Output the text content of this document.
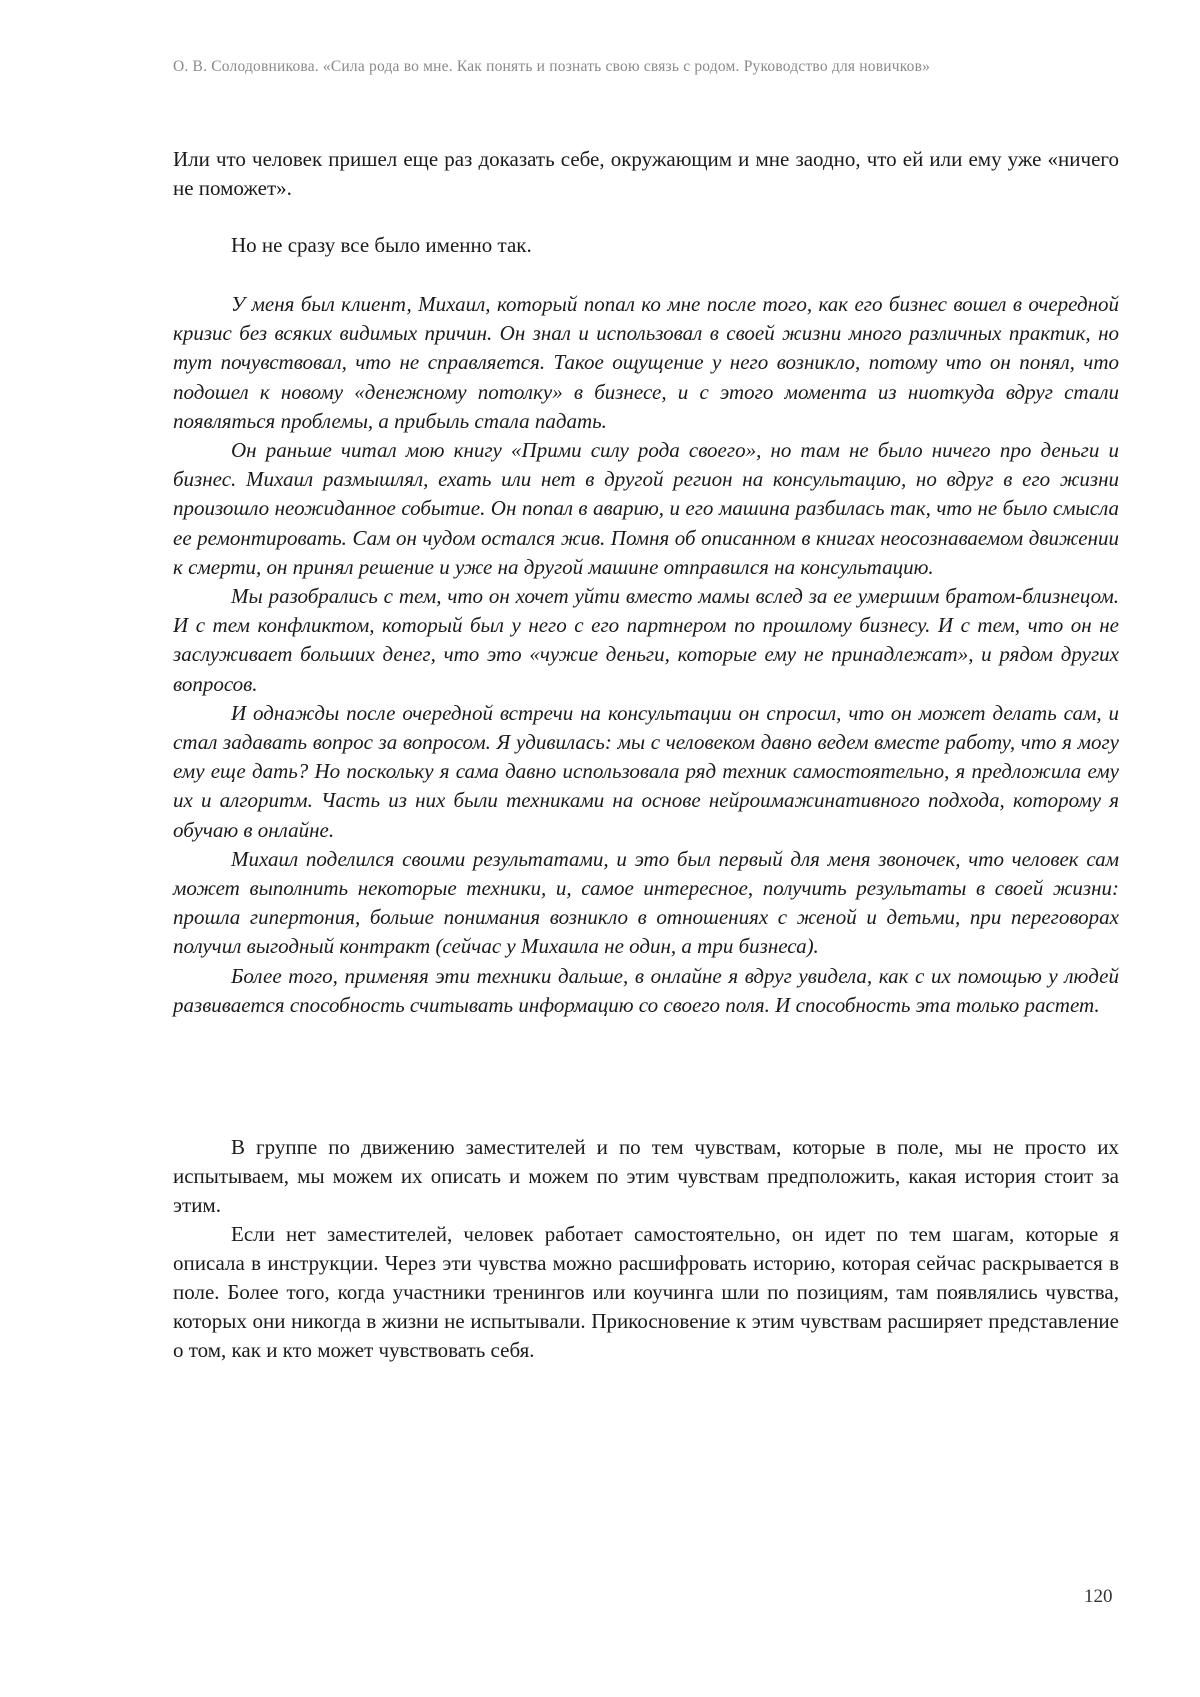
О. В. Солодовникова. «Сила рода во мне. Как понять и познать свою связь с родом. Руководство для новичков»

Или что человек пришел еще раз доказать себе, окружающим и мне заодно, что ей или ему уже «ничего не поможет».

Но не сразу все было именно так.

У меня был клиент, Михаил, который попал ко мне после того, как его бизнес вошел в очередной кризис без всяких видимых причин. Он знал и использовал в своей жизни много различных практик, но тут почувствовал, что не справляется. Такое ощущение у него возникло, потому что он понял, что подошел к новому «денежному потолку» в бизнесе, и с этого момента из ниоткуда вдруг стали появляться проблемы, а прибыль стала падать.

Он раньше читал мою книгу «Прими силу рода своего», но там не было ничего про деньги и бизнес. Михаил размышлял, ехать или нет в другой регион на консультацию, но вдруг в его жизни произошло неожиданное событие. Он попал в аварию, и его машина разбилась так, что не было смысла ее ремонтировать. Сам он чудом остался жив. Помня об описанном в книгах неосознаваемом движении к смерти, он принял решение и уже на другой машине отправился на консультацию.

Мы разобрались с тем, что он хочет уйти вместо мамы вслед за ее умершим братом-близнецом. И с тем конфликтом, который был у него с его партнером по прошлому бизнесу. И с тем, что он не заслуживает больших денег, что это «чужие деньги, которые ему не принадлежат», и рядом других вопросов.

И однажды после очередной встречи на консультации он спросил, что он может делать сам, и стал задавать вопрос за вопросом. Я удивилась: мы с человеком давно ведем вместе работу, что я могу ему еще дать? Но поскольку я сама давно использовала ряд техник самостоятельно, я предложила ему их и алгоритм. Часть из них были техниками на основе нейроимажинативного подхода, которому я обучаю в онлайне.

Михаил поделился своими результатами, и это был первый для меня звоночек, что человек сам может выполнить некоторые техники, и, самое интересное, получить результаты в своей жизни: прошла гипертония, больше понимания возникло в отношениях с женой и детьми, при переговорах получил выгодный контракт (сейчас у Михаила не один, а три бизнеса).

Более того, применяя эти техники дальше, в онлайне я вдруг увидела, как с их помощью у людей развивается способность считывать информацию со своего поля. И способность эта только растет.

В группе по движению заместителей и по тем чувствам, которые в поле, мы не просто их испытываем, мы можем их описать и можем по этим чувствам предположить, какая история стоит за этим.

Если нет заместителей, человек работает самостоятельно, он идет по тем шагам, которые я описала в инструкции. Через эти чувства можно расшифровать историю, которая сейчас раскрывается в поле. Более того, когда участники тренингов или коучинга шли по позициям, там появлялись чувства, которых они никогда в жизни не испытывали. Прикосновение к этим чувствам расширяет представление о том, как и кто может чувствовать себя.

120
